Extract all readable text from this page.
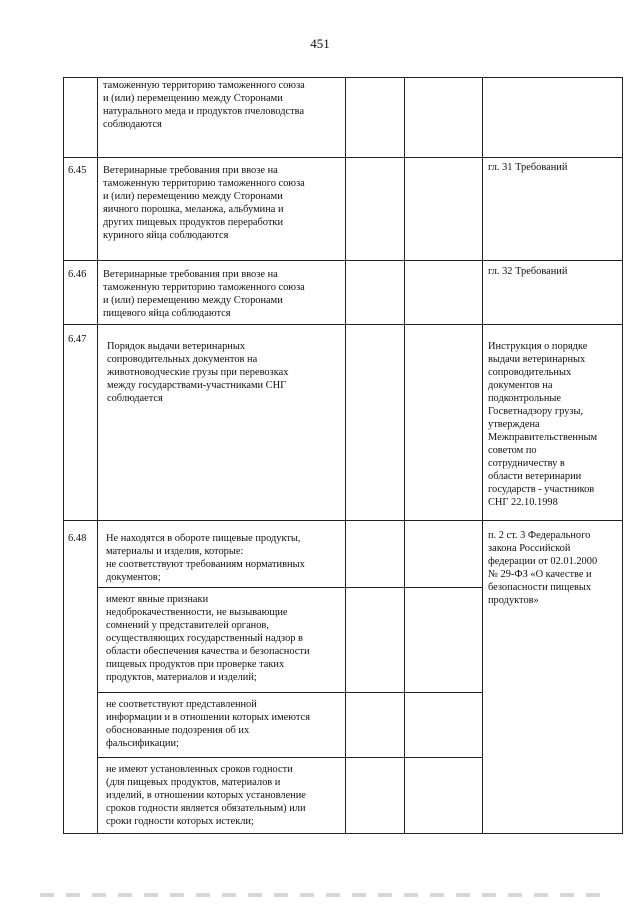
451
таможенную территорию таможенного союза
и (или) перемещению между Сторонами
натурального меда и продуктов пчеловодства
соблюдаются
6.45 Ветеринарные требования при ввозе на
таможенную территорию таможенного союза
и (или) перемещению между Сторонами
яичного порошка, меланжа, альбумина и
других пищевых продуктов переработки
куриного яйца соблюдаются
гл. 31 Требований
6.46 Ветеринарные требования при ввозе на
таможенную территорию таможенного союза
и (или) перемещению между Сторонами
пищевого яйца соблюдаются
гл. 32 Требований
6.47
Порядок выдачи ветеринарных
сопроводительных документов на
животноводческие грузы при перевозках
между государствами-участниками СНГ
соблюдается
Инструкция о порядке
выдачи ветеринарных
сопроводительных
документов на
подконтрольные
Госветнадзору грузы,
утверждена
Межправительственным
советом по
сотрудничеству в
области ветеринарии
государств - участников
СНГ 22.10.1998
6.48 Не находятся в обороте пищевые продукты,
материалы и изделия, которые:
не соответствуют требованиям нормативных
документов;
имеют явные признаки
недоброкачественности, не вызывающие
сомнений у представителей органов,
осуществляющих государственный надзор в
области обеспечения качества и безопасности
пищевых продуктов при проверке таких
продуктов, материалов и изделий;
не соответствуют представленной
информации и в отношении которых имеются
обоснованные подозрения об их
фальсификации;
не имеют установленных сроков годности
(для пищевых продуктов, материалов и
изделий, в отношении которых установление
сроков годности является обязательным) или
сроки годности которых истекли;
п. 2 ст. 3 Федерального
закона Российской
федерации от 02.01.2000
№ 29-ФЗ «О качестве и
безопасности пищевых
продуктов»
